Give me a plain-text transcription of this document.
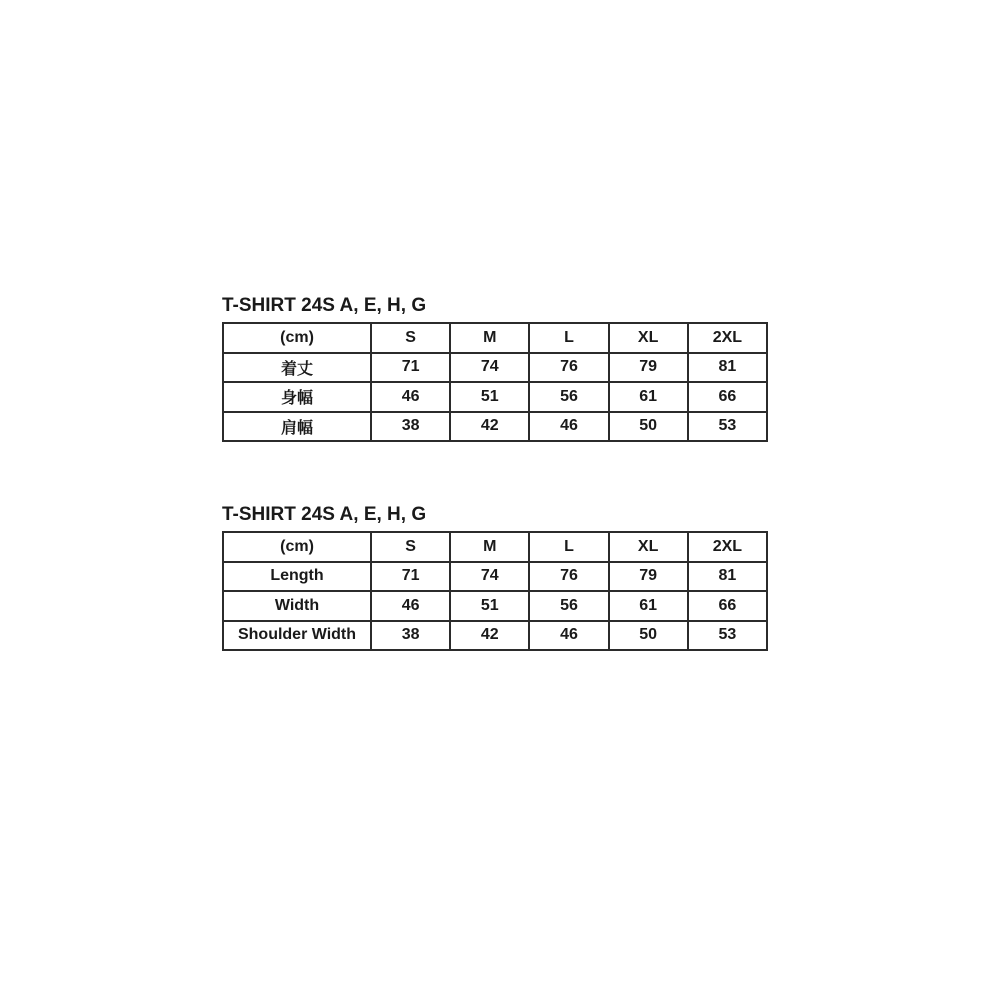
T-SHIRT 24S A, E, H, G
(cm)	S	M	L	XL	2XL
着丈	71	74	76	79	81
身幅	46	51	56	61	66
肩幅	38	42	46	50	53
T-SHIRT 24S A, E, H, G
(cm)	S	M	L	XL	2XL
Length	71	74	76	79	81
Width	46	51	56	61	66
Shoulder Width	38	42	46	50	53
